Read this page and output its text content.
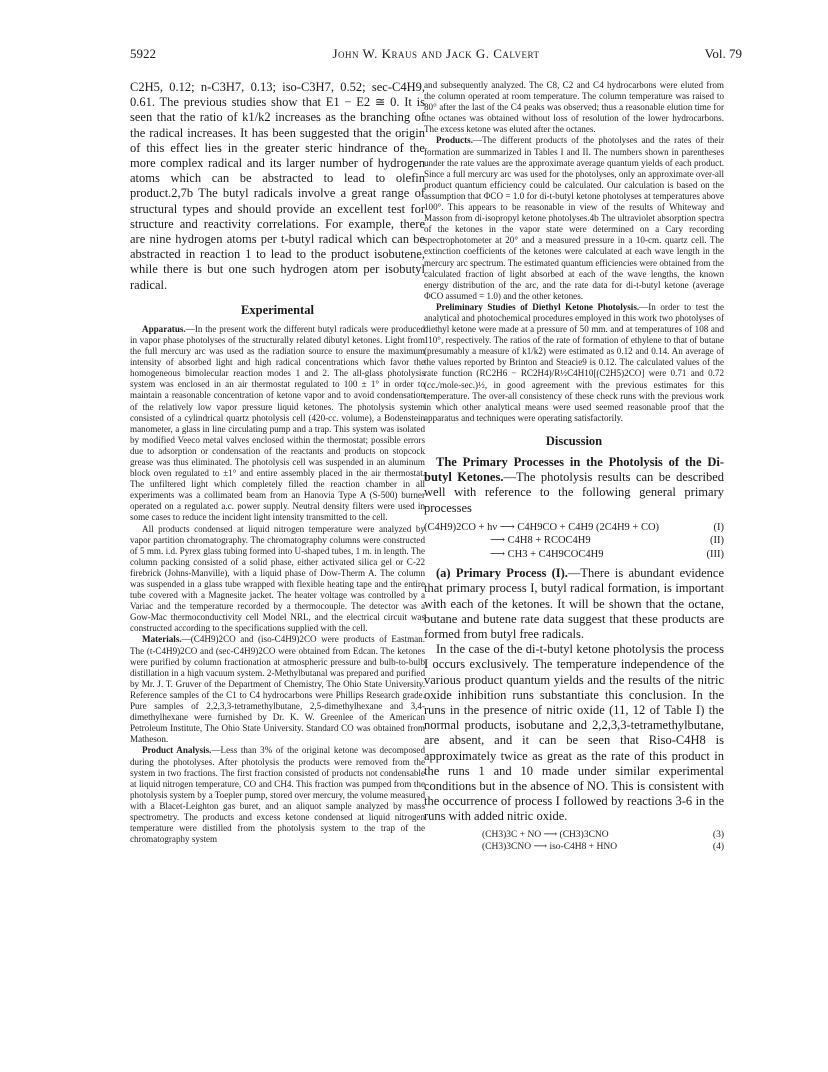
5922	John W. Kraus and Jack G. Calvert	Vol. 79

C2H5, 0.12; n-C3H7, 0.13; iso-C3H7, 0.52; sec-C4H9, 0.61. The previous studies show that E1 − E2 ≅ 0. It is seen that the ratio of k1/k2 increases as the branching of the radical increases. It has been suggested that the origin of this effect lies in the greater steric hindrance of the more complex radical and its larger number of hydrogen atoms which can be abstracted to lead to olefin product.2,7b The butyl radicals involve a great range of structural types and should provide an excellent test for structure and reactivity correlations. For example, there are nine hydrogen atoms per t-butyl radical which can be abstracted in reaction 1 to lead to the product isobutene, while there is but one such hydrogen atom per isobutyl radical.

Experimental

Apparatus.—In the present work the different butyl radicals were produced in vapor phase photolyses of the structurally related dibutyl ketones. Light from the full mercury arc was used as the radiation source to ensure the maximum intensity of absorbed light and high radical concentrations which favor the homogeneous bimolecular reaction modes 1 and 2. The all-glass photolysis system was enclosed in an air thermostat regulated to 100 ± 1° in order to maintain a reasonable concentration of ketone vapor and to avoid condensation of the relatively low vapor pressure liquid ketones. The photolysis system consisted of a cylindrical quartz photolysis cell (420-cc. volume), a Bodenstein manometer, a glass in line circulating pump and a trap. This system was isolated by modified Veeco metal valves enclosed within the thermostat; possible errors due to adsorption or condensation of the reactants and products on stopcock grease was thus eliminated. The photolysis cell was suspended in an aluminum block oven regulated to ±1° and entire assembly placed in the air thermostat. The unfiltered light which completely filled the reaction chamber in all experiments was a collimated beam from an Hanovia Type A (S-500) burner operated on a regulated a.c. power supply. Neutral density filters were used in some cases to reduce the incident light intensity transmitted to the cell.

All products condensed at liquid nitrogen temperature were analyzed by vapor partition chromatography. The chromatography columns were constructed of 5 mm. i.d. Pyrex glass tubing formed into U-shaped tubes, 1 m. in length. The column packing consisted of a solid phase, either activated silica gel or C-22 firebrick (Johns-Manville), with a liquid phase of Dow-Therm A. The column was suspended in a glass tube wrapped with flexible heating tape and the entire tube covered with a Magnesite jacket. The heater voltage was controlled by a Variac and the temperature recorded by a thermocouple. The detector was a Gow-Mac thermoconductivity cell Model NRL, and the electrical circuit was constructed according to the specifications supplied with the cell.

Materials.—(C4H9)2CO and (iso-C4H9)2CO were products of Eastman. The (t-C4H9)2CO and (sec-C4H9)2CO were obtained from Edcan. The ketones were purified by column fractionation at atmospheric pressure and bulb-to-bulb distillation in a high vacuum system. 2-Methylbutanal was prepared and purified by Mr. J. T. Gruver of the Department of Chemistry, The Ohio State University. Reference samples of the C1 to C4 hydrocarbons were Phillips Research grade. Pure samples of 2,2,3,3-tetramethylbutane, 2,5-dimethylhexane and 3,4-dimethylhexane were furnished by Dr. K. W. Greenlee of the American Petroleum Institute, The Ohio State University. Standard CO was obtained from Matheson.

Product Analysis.—Less than 3% of the original ketone was decomposed during the photolyses. After photolysis the products were removed from the system in two fractions. The first fraction consisted of products not condensable at liquid nitrogen temperature, CO and CH4. This fraction was pumped from the photolysis system by a Toepler pump, stored over mercury, the volume measured with a Blacet-Leighton gas buret, and an aliquot sample analyzed by mass spectrometry. The products and excess ketone condensed at liquid nitrogen temperature were distilled from the photolysis system to the trap of the chromatography system

and subsequently analyzed. The C8, C2 and C4 hydrocarbons were eluted from the column operated at room temperature. The column temperature was raised to 80° after the last of the C4 peaks was observed; thus a reasonable elution time for the octanes was obtained without loss of resolution of the lower hydrocarbons. The excess ketone was eluted after the octanes.

Products.—The different products of the photolyses and the rates of their formation are summarized in Tables I and II. The numbers shown in parentheses under the rate values are the approximate average quantum yields of each product. Since a full mercury arc was used for the photolyses, only an approximate over-all product quantum efficiency could be calculated. Our calculation is based on the assumption that ΦCO = 1.0 for di-t-butyl ketone photolyses at temperatures above 100°. This appears to be reasonable in view of the results of Whiteway and Masson from di-isopropyl ketone photolyses.4b The ultraviolet absorption spectra of the ketones in the vapor state were determined on a Cary recording spectrophotometer at 20° and a measured pressure in a 10-cm. quartz cell. The extinction coefficients of the ketones were calculated at each wave length in the mercury arc spectrum. The estimated quantum efficiencies were obtained from the calculated fraction of light absorbed at each of the wave lengths, the known energy distribution of the arc, and the rate data for di-t-butyl ketone (average ΦCO assumed = 1.0) and the other ketones.

Preliminary Studies of Diethyl Ketone Photolysis.—In order to test the analytical and photochemical procedures employed in this work two photolyses of diethyl ketone were made at a pressure of 50 mm. and at temperatures of 108 and 110°, respectively. The ratios of the rate of formation of ethylene to that of butane (presumably a measure of k1/k2) were estimated as 0.12 and 0.14. An average of the values reported by Brinton and Steacie9 is 0.12. The calculated values of the rate function (RC2H6 − RC2H4)/R½C4H10[(C2H5)2CO] were 0.71 and 0.72 (cc./mole-sec.)½, in good agreement with the previous estimates for this temperature. The over-all consistency of these check runs with the previous work in which other analytical means were used seemed reasonable proof that the apparatus and techniques were operating satisfactorily.

Discussion

The Primary Processes in the Photolysis of the Di-butyl Ketones.—The photolysis results can be described well with reference to the following general primary processes

(C4H9)2CO + hν ⟶ C4H9CO + C4H9 (2C4H9 + CO)	(I)
⟶ C4H8 + RCOC4H9	(II)
⟶ CH3 + C4H9COC4H9	(III)

(a) Primary Process (I).—There is abundant evidence that primary process I, butyl radical formation, is important with each of the ketones. It will be shown that the octane, butane and butene rate data suggest that these products are formed from butyl free radicals.

In the case of the di-t-butyl ketone photolysis the process I occurs exclusively. The temperature independence of the various product quantum yields and the results of the nitric oxide inhibition runs substantiate this conclusion. In the runs in the presence of nitric oxide (11, 12 of Table I) the normal products, isobutane and 2,2,3,3-tetramethylbutane, are absent, and it can be seen that Riso-C4H8 is approximately twice as great as the rate of this product in the runs 1 and 10 made under similar experimental conditions but in the absence of NO. This is consistent with the occurrence of process I followed by reactions 3-6 in the runs with added nitric oxide.

(CH3)3C + NO ⟶ (CH3)3CNO	(3)
(CH3)3CNO ⟶ iso-C4H8 + HNO	(4)
